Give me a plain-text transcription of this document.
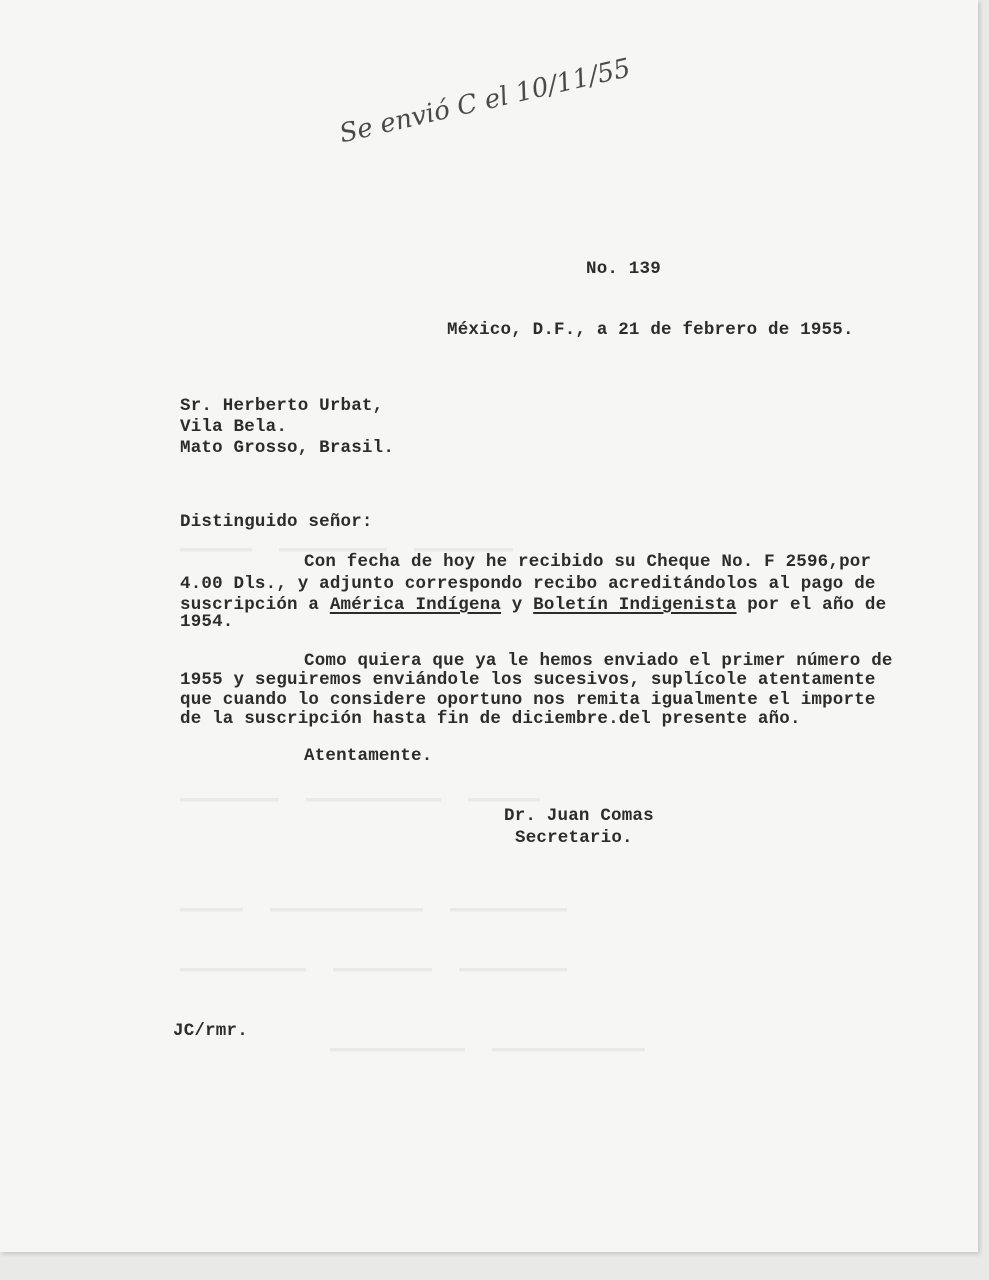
▬▬▬▬▬▬▬▬   ▬▬▬▬▬▬▬▬▬▬▬▬   ▬▬▬▬▬▬▬▬▬▬▬
▬▬▬▬▬▬▬▬▬▬▬   ▬▬▬▬▬▬▬▬▬▬▬▬▬▬▬   ▬▬▬▬▬▬▬▬
▬▬▬▬▬▬▬   ▬▬▬▬▬▬▬▬▬▬▬▬▬▬▬▬▬   ▬▬▬▬▬▬▬▬▬▬▬▬▬
▬▬▬▬▬▬▬▬▬▬▬▬▬▬   ▬▬▬▬▬▬▬▬▬▬▬   ▬▬▬▬▬▬▬▬▬▬▬▬
▬▬▬▬▬▬▬▬▬▬▬▬▬▬▬   ▬▬▬▬▬▬▬▬▬▬▬▬▬▬▬▬▬

Se envió C el 10/11/55

No. 139
México, D.F., a 21 de febrero de 1955.
Sr. Herberto Urbat,
Vila Bela.
Mato Grosso, Brasil.
Distinguido señor:
Con fecha de hoy he recibido su Cheque No. F 2596,por
4.00 Dls., y adjunto correspondo recibo acreditándolos al pago de
suscripción a América Indígena y Boletín Indigenista por el año de
1954.
Como quiera que ya le hemos enviado el primer número de
1955 y seguiremos enviándole los sucesivos, suplícole atentamente
que cuando lo considere oportuno nos remita igualmente el importe
de la suscripción hasta fin de diciembre.del presente año.
Atentamente.
Dr. Juan Comas
Secretario.
JC/rmr.
